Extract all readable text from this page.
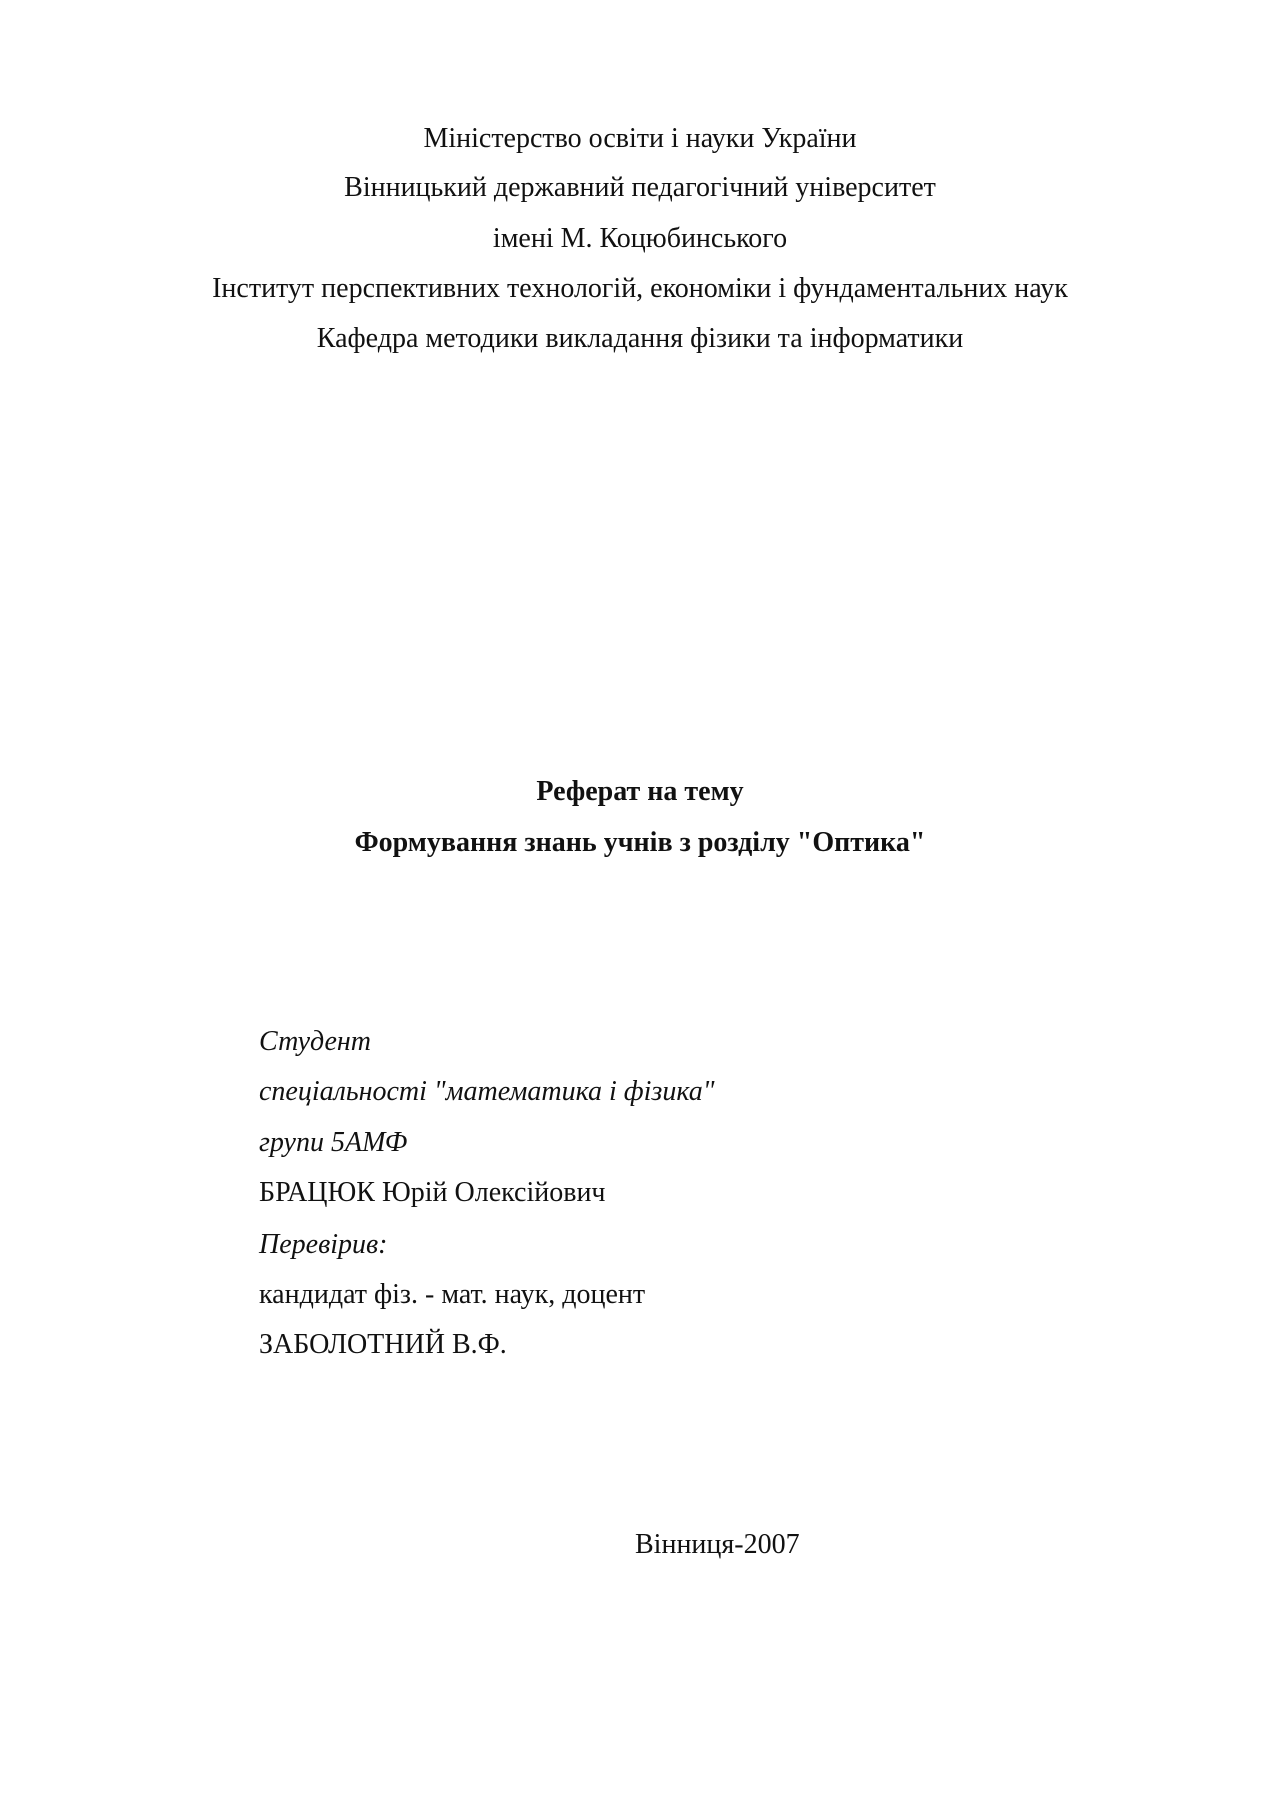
Міністерство освіти і науки України
Вінницький державний педагогічний університет
імені М. Коцюбинського
Інститут перспективних технологій, економіки і фундаментальних наук
Кафедра методики викладання фізики та інформатики
Реферат на тему
Формування знань учнів з розділу "Оптика"
Студент
спеціальності "математика і фізика"
групи 5АМФ
БРАЦЮК Юрій Олексійович
Перевірив:
кандидат фіз. - мат. наук, доцент
ЗАБОЛОТНИЙ В.Ф.
Вінниця-2007
